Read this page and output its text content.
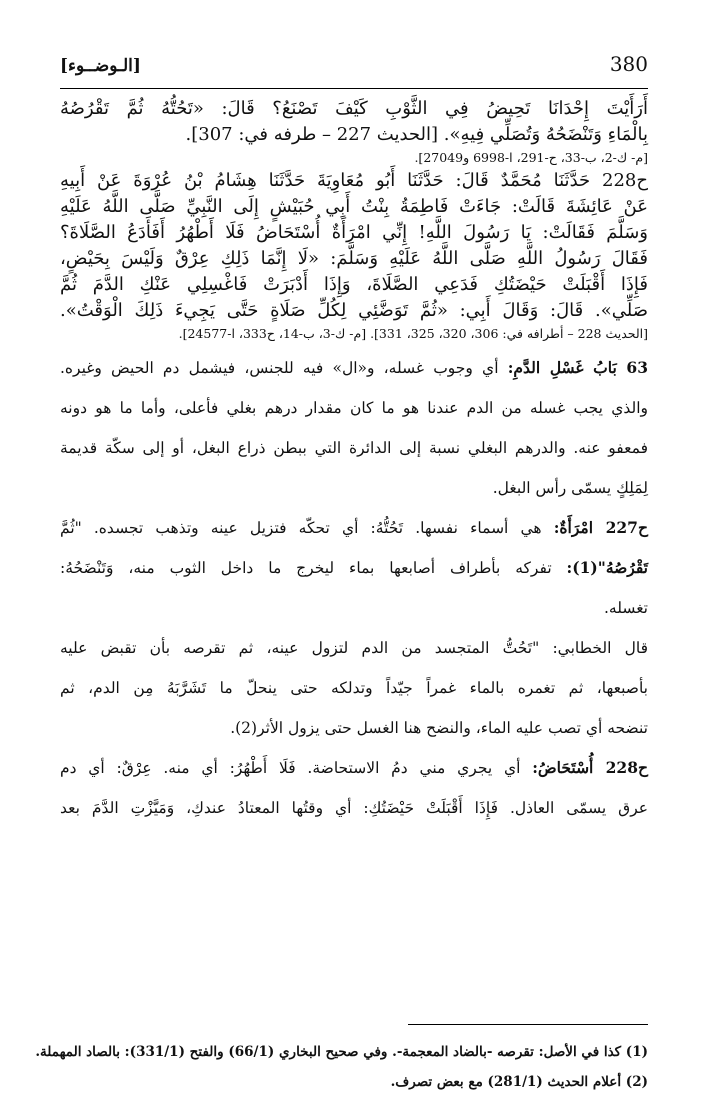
380
[الـوضــوء]
أَرَأَيْتَ إِحْدَانَا تَحِيضُ فِي الثَّوْبِ كَيْفَ تَصْنَعُ؟ قَالَ: «تَحُتُّهُ ثُمَّ تَقْرُصُهُ
بِالْمَاءِ وَتَنْضَحُهُ وَتُصَلِّي فِيهِ». [الحديث 227 – طرفه في: 307].
[م- ك-2، ب-33، ح-291، ا-6998 و27049].
ح228 حَدَّثَنَا مُحَمَّدٌ قَالَ: حَدَّثَنَا أَبُو مُعَاوِيَةَ حَدَّثَنَا هِشَامُ بْنُ عُرْوَةَ عَنْ أَبِيهِ
عَنْ عَائِشَةَ قَالَتْ: جَاءَتْ فَاطِمَةُ بِنْتُ أَبِي حُبَيْشٍ إِلَى النَّبِيِّ صَلَّى اللَّهُ عَلَيْهِ
وَسَلَّمَ فَقَالَتْ: يَا رَسُولَ اللَّهِ! إِنِّي امْرَأَةٌ أُسْتَحَاضُ فَلَا أَطْهُرُ أَفَأَدَعُ الصَّلَاةَ؟
فَقَالَ رَسُولُ اللَّهِ صَلَّى اللَّهُ عَلَيْهِ وَسَلَّمَ: «لَا إِنَّمَا ذَلِكِ عِرْقٌ وَلَيْسَ بِحَيْضٍ،
فَإِذَا أَقْبَلَتْ حَيْضَتُكِ فَدَعِي الصَّلَاةَ، وَإِذَا أَدْبَرَتْ فَاغْسِلِي عَنْكِ الدَّمَ ثُمَّ
صَلِّي». قَالَ: وَقَالَ أَبِي: «ثُمَّ تَوَضَّئِي لِكُلِّ صَلَاةٍ حَتَّى يَجِيءَ ذَلِكَ الْوَقْتُ».
[الحديث 228 – أطرافه في: 306، 320، 325، 331]. [م- ك-3، ب-14، ح333، ا-24577].
63 بَابُ غَسْلِ الدَّمِ: أي وجوب غسله، و«ال» فيه للجنس، فيشمل دم الحيض وغيره.
والذي يجب غسله من الدم عندنا هو ما كان مقدار درهم بغلي فأعلى، وأما ما هو دونه
فمعفو عنه. والدرهم البغلي نسبة إلى الدائرة التي ببطن ذراع البغل، أو إلى سكّة قديمة
لِمَلِكٍ يسمّى رأس البغل.
ح227 امْرَأَةٌ: هي أسماء نفسها. تَحُتُّهُ: أي تحكّه فتزيل عينه وتذهب تجسده. "ثُمَّ
تَقْرُصُهُ"(1): تفركه بأطراف أصابعها بماء ليخرج ما داخل الثوب منه، وَتَنْضَحُهُ:
تغسله.
قال الخطابي: "تَحُتُّ المتجسد من الدم لتزول عينه، ثم تقرصه بأن تقبض عليه
بأصبعها، ثم تغمره بالماء غمراً جيّداً وتدلكه حتى ينحلّ ما تَشَرَّبَهُ مِن الدم، ثم
تنضحه أي تصب عليه الماء، والنضح هنا الغسل حتى يزول الأثر(2).
ح228 أُسْتَحَاضُ: أي يجري مني دمُ الاستحاضة. فَلَا أَطْهُرُ: أي منه. عِرْقٌ: أي دم
عرق يسمّى العاذل. فَإِذَا أَقْبَلَتْ حَيْضَتُكِ: أي وقتُها المعتادُ عندكِ، وَمَيَّزْتِ الدَّمَ بعد
(1) كذا في الأصل: تقرصه -بالضاد المعجمة-. وفي صحيح البخاري (66/1) والفتح (331/1): بالصاد المهملة.
(2) أعلام الحديث (281/1) مع بعض تصرف.
